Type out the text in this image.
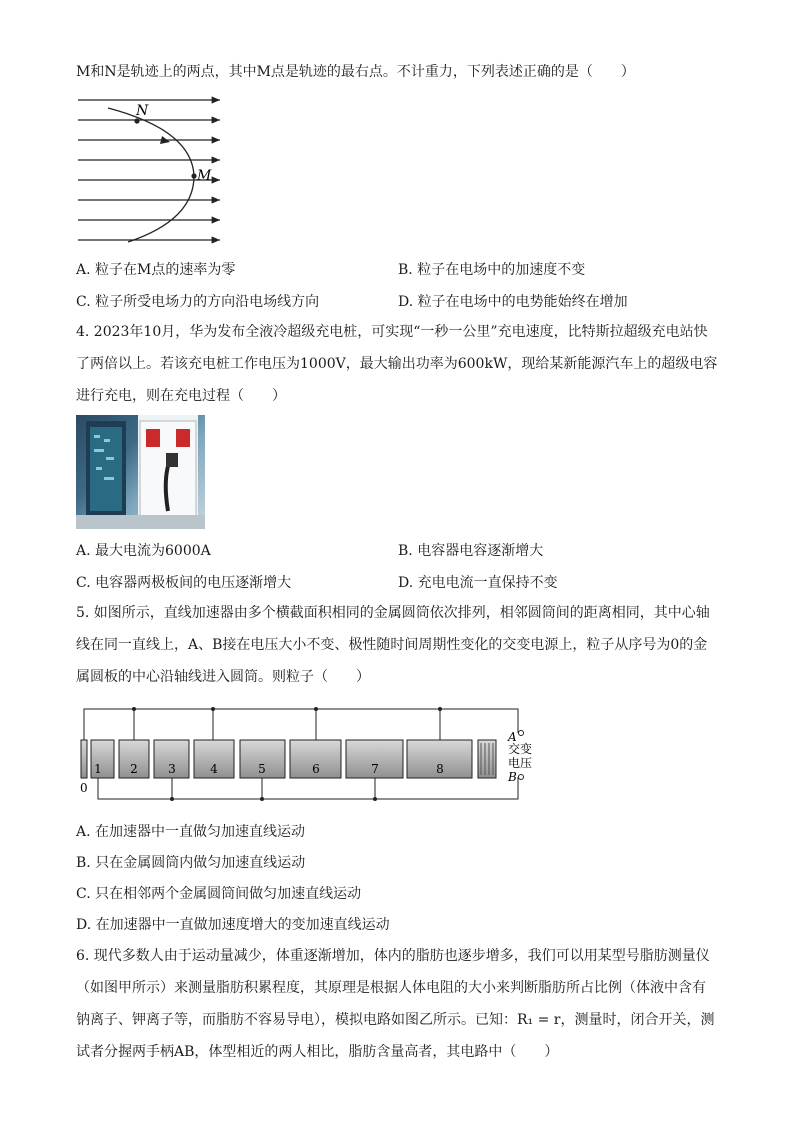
M和N是轨迹上的两点，其中M点是轨迹的最右点。不计重力，下列表述正确的是（　　）
N
M
A. 粒子在M点的速率为零	B. 粒子在电场中的加速度不变
C. 粒子所受电场力的方向沿电场线方向	D. 粒子在电场中的电势能始终在增加
4. 2023年10月，华为发布全液冷超级充电桩，可实现“一秒一公里”充电速度，比特斯拉超级充电站快
了两倍以上。若该充电桩工作电压为1000V，最大输出功率为600kW，现给某新能源汽车上的超级电容
进行充电，则在充电过程（　　）
A. 最大电流为6000A	B. 电容器电容逐渐增大
C. 电容器两极板间的电压逐渐增大	D. 充电电流一直保持不变
5. 如图所示，直线加速器由多个横截面积相同的金属圆筒依次排列，相邻圆筒间的距离相同，其中心轴
线在同一直线上，A、B接在电压大小不变、极性随时间周期性变化的交变电源上，粒子从序号为0的金
属圆板的中心沿轴线进入圆筒。则粒子（　　）
1 2	3	4	5	6	7	8
0
A
B
交变
电压
A. 在加速器中一直做匀加速直线运动
B. 只在金属圆筒内做匀加速直线运动
C. 只在相邻两个金属圆筒间做匀加速直线运动
D. 在加速器中一直做加速度增大的变加速直线运动
6. 现代多数人由于运动量减少，体重逐渐增加，体内的脂肪也逐步增多，我们可以用某型号脂肪测量仪
（如图甲所示）来测量脂肪积累程度，其原理是根据人体电阻的大小来判断脂肪所占比例（体液中含有
钠离子、钾离子等，而脂肪不容易导电），模拟电路如图乙所示。已知：R₁ = r，测量时，闭合开关，测
试者分握两手柄AB，体型相近的两人相比，脂肪含量高者，其电路中（　　）
